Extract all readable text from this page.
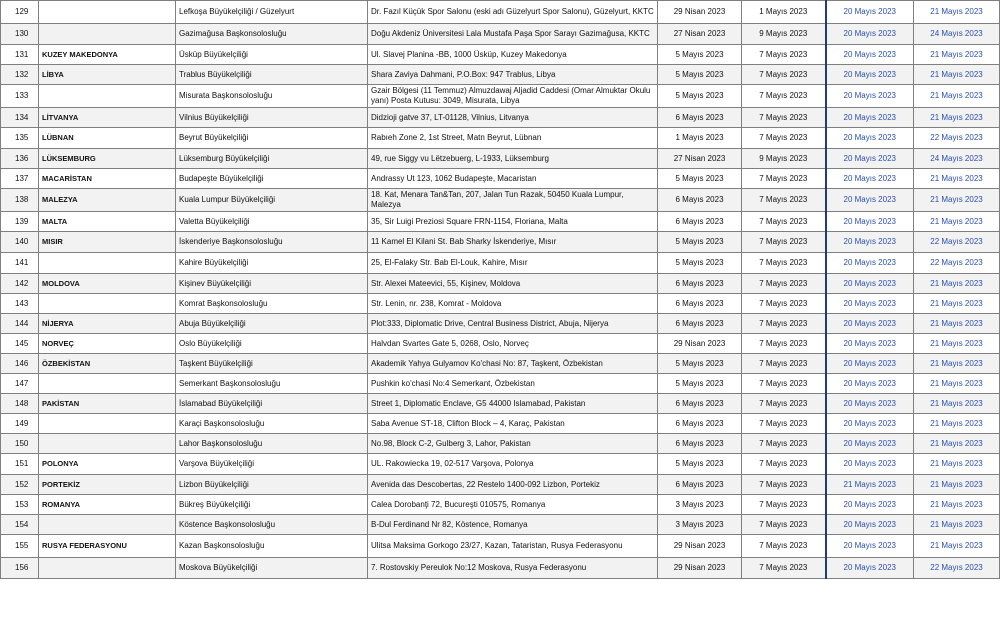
129		Lefkoşa Büyükelçiliği / Güzelyurt	Dr. Fazıl Küçük Spor Salonu (eski adı Güzelyurt Spor Salonu), Güzelyurt, KKTC	29 Nisan 2023	1 Mayıs 2023	20 Mayıs 2023	21 Mayıs 2023
130		Gazimağusa Başkonsolosluğu	Doğu Akdeniz Üniversitesi Lala Mustafa Paşa Spor Sarayı Gazimağusa, KKTC	27 Nisan 2023	9 Mayıs 2023	20 Mayıs 2023	24 Mayıs 2023
131	KUZEY MAKEDONYA	Üsküp Büyükelçiliği	Ul. Slavej Planina -BB, 1000 Üsküp, Kuzey Makedonya	5 Mayıs 2023	7 Mayıs 2023	20 Mayıs 2023	21 Mayıs 2023
132	LİBYA	Trablus Büyükelçiliği	Shara Zaviya Dahmani, P.O.Box: 947 Trablus, Libya	5 Mayıs 2023	7 Mayıs 2023	20 Mayıs 2023	21 Mayıs 2023
133		Misurata Başkonsolosluğu	Gzair Bölgesi (11 Temmuz) Almuzdawaj Aljadid Caddesi (Omar Almuktar Okulu yanı) Posta Kutusu: 3049, Misurata, Libya	5 Mayıs 2023	7 Mayıs 2023	20 Mayıs 2023	21 Mayıs 2023
134	LİTVANYA	Vilnius Büyükelçiliği	Didzioji gatve 37, LT-01128, Vilnius, Litvanya	6 Mayıs 2023	7 Mayıs 2023	20 Mayıs 2023	21 Mayıs 2023
135	LÜBNAN	Beyrut Büyükelçiliği	Rabıeh Zone 2, 1st Street, Matn Beyrut, Lübnan	1 Mayıs 2023	7 Mayıs 2023	20 Mayıs 2023	22 Mayıs 2023
136	LÜKSEMBURG	Lüksemburg Büyükelçiliği	49, rue Siggy vu Lëtzebuerg, L-1933, Lüksemburg	27 Nisan 2023	9 Mayıs 2023	20 Mayıs 2023	24 Mayıs 2023
137	MACARİSTAN	Budapeşte Büyükelçiliği	Andrassy Ut 123, 1062 Budapeşte, Macaristan	5 Mayıs 2023	7 Mayıs 2023	20 Mayıs 2023	21 Mayıs 2023
138	MALEZYA	Kuala Lumpur Büyükelçiliği	18. Kat, Menara Tan&Tan, 207, Jalan Tun Razak, 50450 Kuala Lumpur, Malezya	6 Mayıs 2023	7 Mayıs 2023	20 Mayıs 2023	21 Mayıs 2023
139	MALTA	Valetta Büyükelçiliği	35, Sir Luigi Preziosi Square FRN-1154, Floriana, Malta	6 Mayıs 2023	7 Mayıs 2023	20 Mayıs 2023	21 Mayıs 2023
140	MISIR	İskenderiye Başkonsolosluğu	11 Kamel El Kilani St. Bab Sharky İskenderiye, Mısır	5 Mayıs 2023	7 Mayıs 2023	20 Mayıs 2023	22 Mayıs 2023
141		Kahire Büyükelçiliği	25, El-Falaky Str. Bab El-Louk, Kahire, Mısır	5 Mayıs 2023	7 Mayıs 2023	20 Mayıs 2023	22 Mayıs 2023
142	MOLDOVA	Kişinev Büyükelçiliği	Str. Alexei Mateevici, 55, Kişinev, Moldova	6 Mayıs 2023	7 Mayıs 2023	20 Mayıs 2023	21 Mayıs 2023
143		Komrat Başkonsolosluğu	Str. Lenin, nr. 238, Komrat - Moldova	6 Mayıs 2023	7 Mayıs 2023	20 Mayıs 2023	21 Mayıs 2023
144	NİJERYA	Abuja Büyükelçiliği	Plot:333, Diplomatic Drive, Central Business District, Abuja, Nijerya	6 Mayıs 2023	7 Mayıs 2023	20 Mayıs 2023	21 Mayıs 2023
145	NORVEÇ	Oslo Büyükelçiliği	Halvdan Svartes Gate 5, 0268, Oslo, Norveç	29 Nisan 2023	7 Mayıs 2023	20 Mayıs 2023	21 Mayıs 2023
146	ÖZBEKİSTAN	Taşkent Büyükelçiliği	Akademik Yahya Gulyamov Ko'chasi No: 87, Taşkent, Özbekistan	5 Mayıs 2023	7 Mayıs 2023	20 Mayıs 2023	21 Mayıs 2023
147		Semerkant Başkonsolosluğu	Pushkin ko'chasi No:4 Semerkant, Özbekistan	5 Mayıs 2023	7 Mayıs 2023	20 Mayıs 2023	21 Mayıs 2023
148	PAKİSTAN	İslamabad Büyükelçiliği	Street 1, Diplomatic Enclave, G5 44000 Islamabad, Pakistan	6 Mayıs 2023	7 Mayıs 2023	20 Mayıs 2023	21 Mayıs 2023
149		Karaçi Başkonsolosluğu	Saba Avenue ST-18, Clifton Block – 4, Karaç, Pakistan	6 Mayıs 2023	7 Mayıs 2023	20 Mayıs 2023	21 Mayıs 2023
150		Lahor Başkonsolosluğu	No.98, Block C-2, Gulberg 3, Lahor, Pakistan	6 Mayıs 2023	7 Mayıs 2023	20 Mayıs 2023	21 Mayıs 2023
151	POLONYA	Varşova Büyükelçiliği	UL. Rakowiecka 19, 02-517 Varşova, Polonya	5 Mayıs 2023	7 Mayıs 2023	20 Mayıs 2023	21 Mayıs 2023
152	PORTEKİZ	Lizbon Büyükelçiliği	Avenida das Descobertas, 22 Restelo 1400-092 Lizbon, Portekiz	6 Mayıs 2023	7 Mayıs 2023	21 Mayıs 2023	21 Mayıs 2023
153	ROMANYA	Bükreş Büyükelçiliği	Calea Dorobanţi 72, Bucureşti 010575, Romanya	3 Mayıs 2023	7 Mayıs 2023	20 Mayıs 2023	21 Mayıs 2023
154		Köstence Başkonsolosluğu	B-Dul Ferdinand Nr 82, Köstence, Romanya	3 Mayıs 2023	7 Mayıs 2023	20 Mayıs 2023	21 Mayıs 2023
155	RUSYA FEDERASYONU	Kazan Başkonsolosluğu	Ulitsa Maksima Gorkogo 23/27, Kazan, Tataristan, Rusya Federasyonu	29 Nisan 2023	7 Mayıs 2023	20 Mayıs 2023	21 Mayıs 2023
156		Moskova Büyükelçiliği	7. Rostovskiy Pereulok No:12 Moskova, Rusya Federasyonu	29 Nisan 2023	7 Mayıs 2023	20 Mayıs 2023	22 Mayıs 2023
